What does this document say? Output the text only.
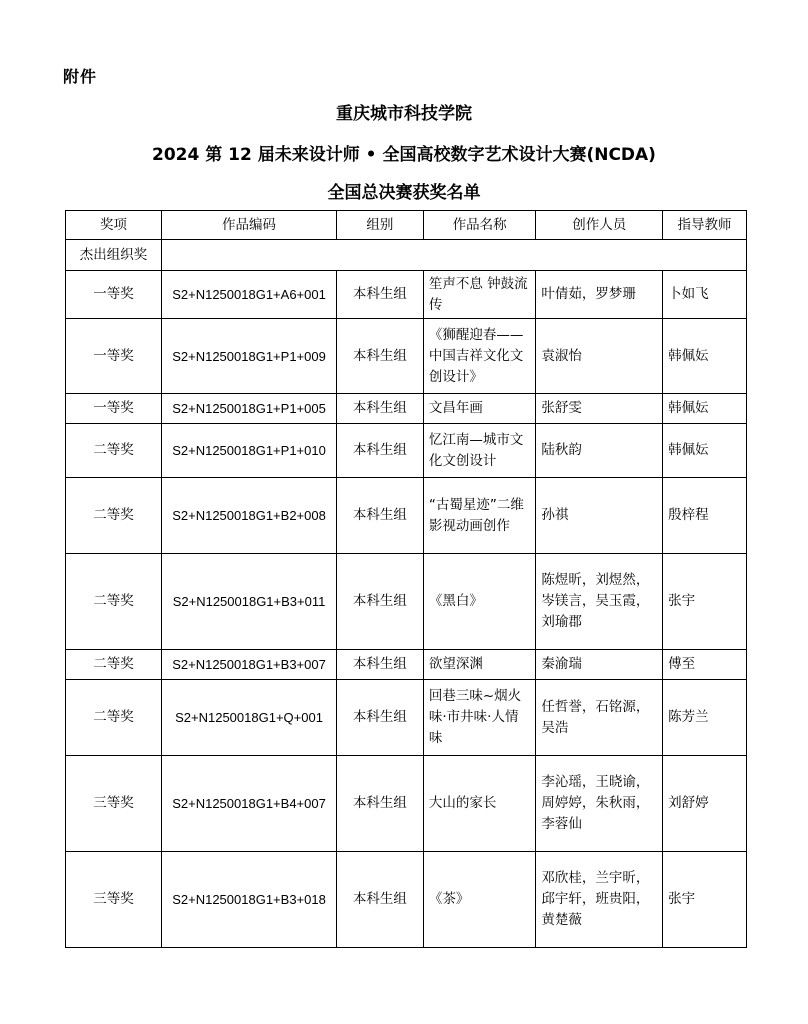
附件
重庆城市科技学院
2024 第 12 届未来设计师 • 全国高校数字艺术设计大赛(NCDA)
全国总决赛获奖名单
奖项	作品编码	组别	作品名称	创作人员	指导教师
杰出组织奖					
一等奖	S2+N1250018G1+A6+001	本科生组	笙声不息 钟鼓流传	叶倩茹，罗梦珊	卜如飞
一等奖	S2+N1250018G1+P1+009	本科生组	《狮醒迎春——中国吉祥文化文创设计》	袁淑怡	韩佩妘
一等奖	S2+N1250018G1+P1+005	本科生组	文昌年画	张舒雯	韩佩妘
二等奖	S2+N1250018G1+P1+010	本科生组	忆江南—城市文化文创设计	陆秋韵	韩佩妘
二等奖	S2+N1250018G1+B2+008	本科生组	“古蜀星迹”二维影视动画创作	孙祺	殷梓程
二等奖	S2+N1250018G1+B3+011	本科生组	《黑白》	陈煜昕，刘煜然，岑镁言，吴玉霞，刘瑜郡	张宇
二等奖	S2+N1250018G1+B3+007	本科生组	欲望深渊	秦渝瑞	傅至
二等奖	S2+N1250018G1+Q+001	本科生组	回巷三味~烟火味·市井味·人情味	任哲誉，石铭源，吴浩	陈芳兰
三等奖	S2+N1250018G1+B4+007	本科生组	大山的家长	李沁瑶，王晓谕，周婷婷，朱秋雨，李蓉仙	刘舒婷
三等奖	S2+N1250018G1+B3+018	本科生组	《茶》	邓欣桂，兰宇昕，邱宇轩，班贵阳，黄楚薇	张宇
